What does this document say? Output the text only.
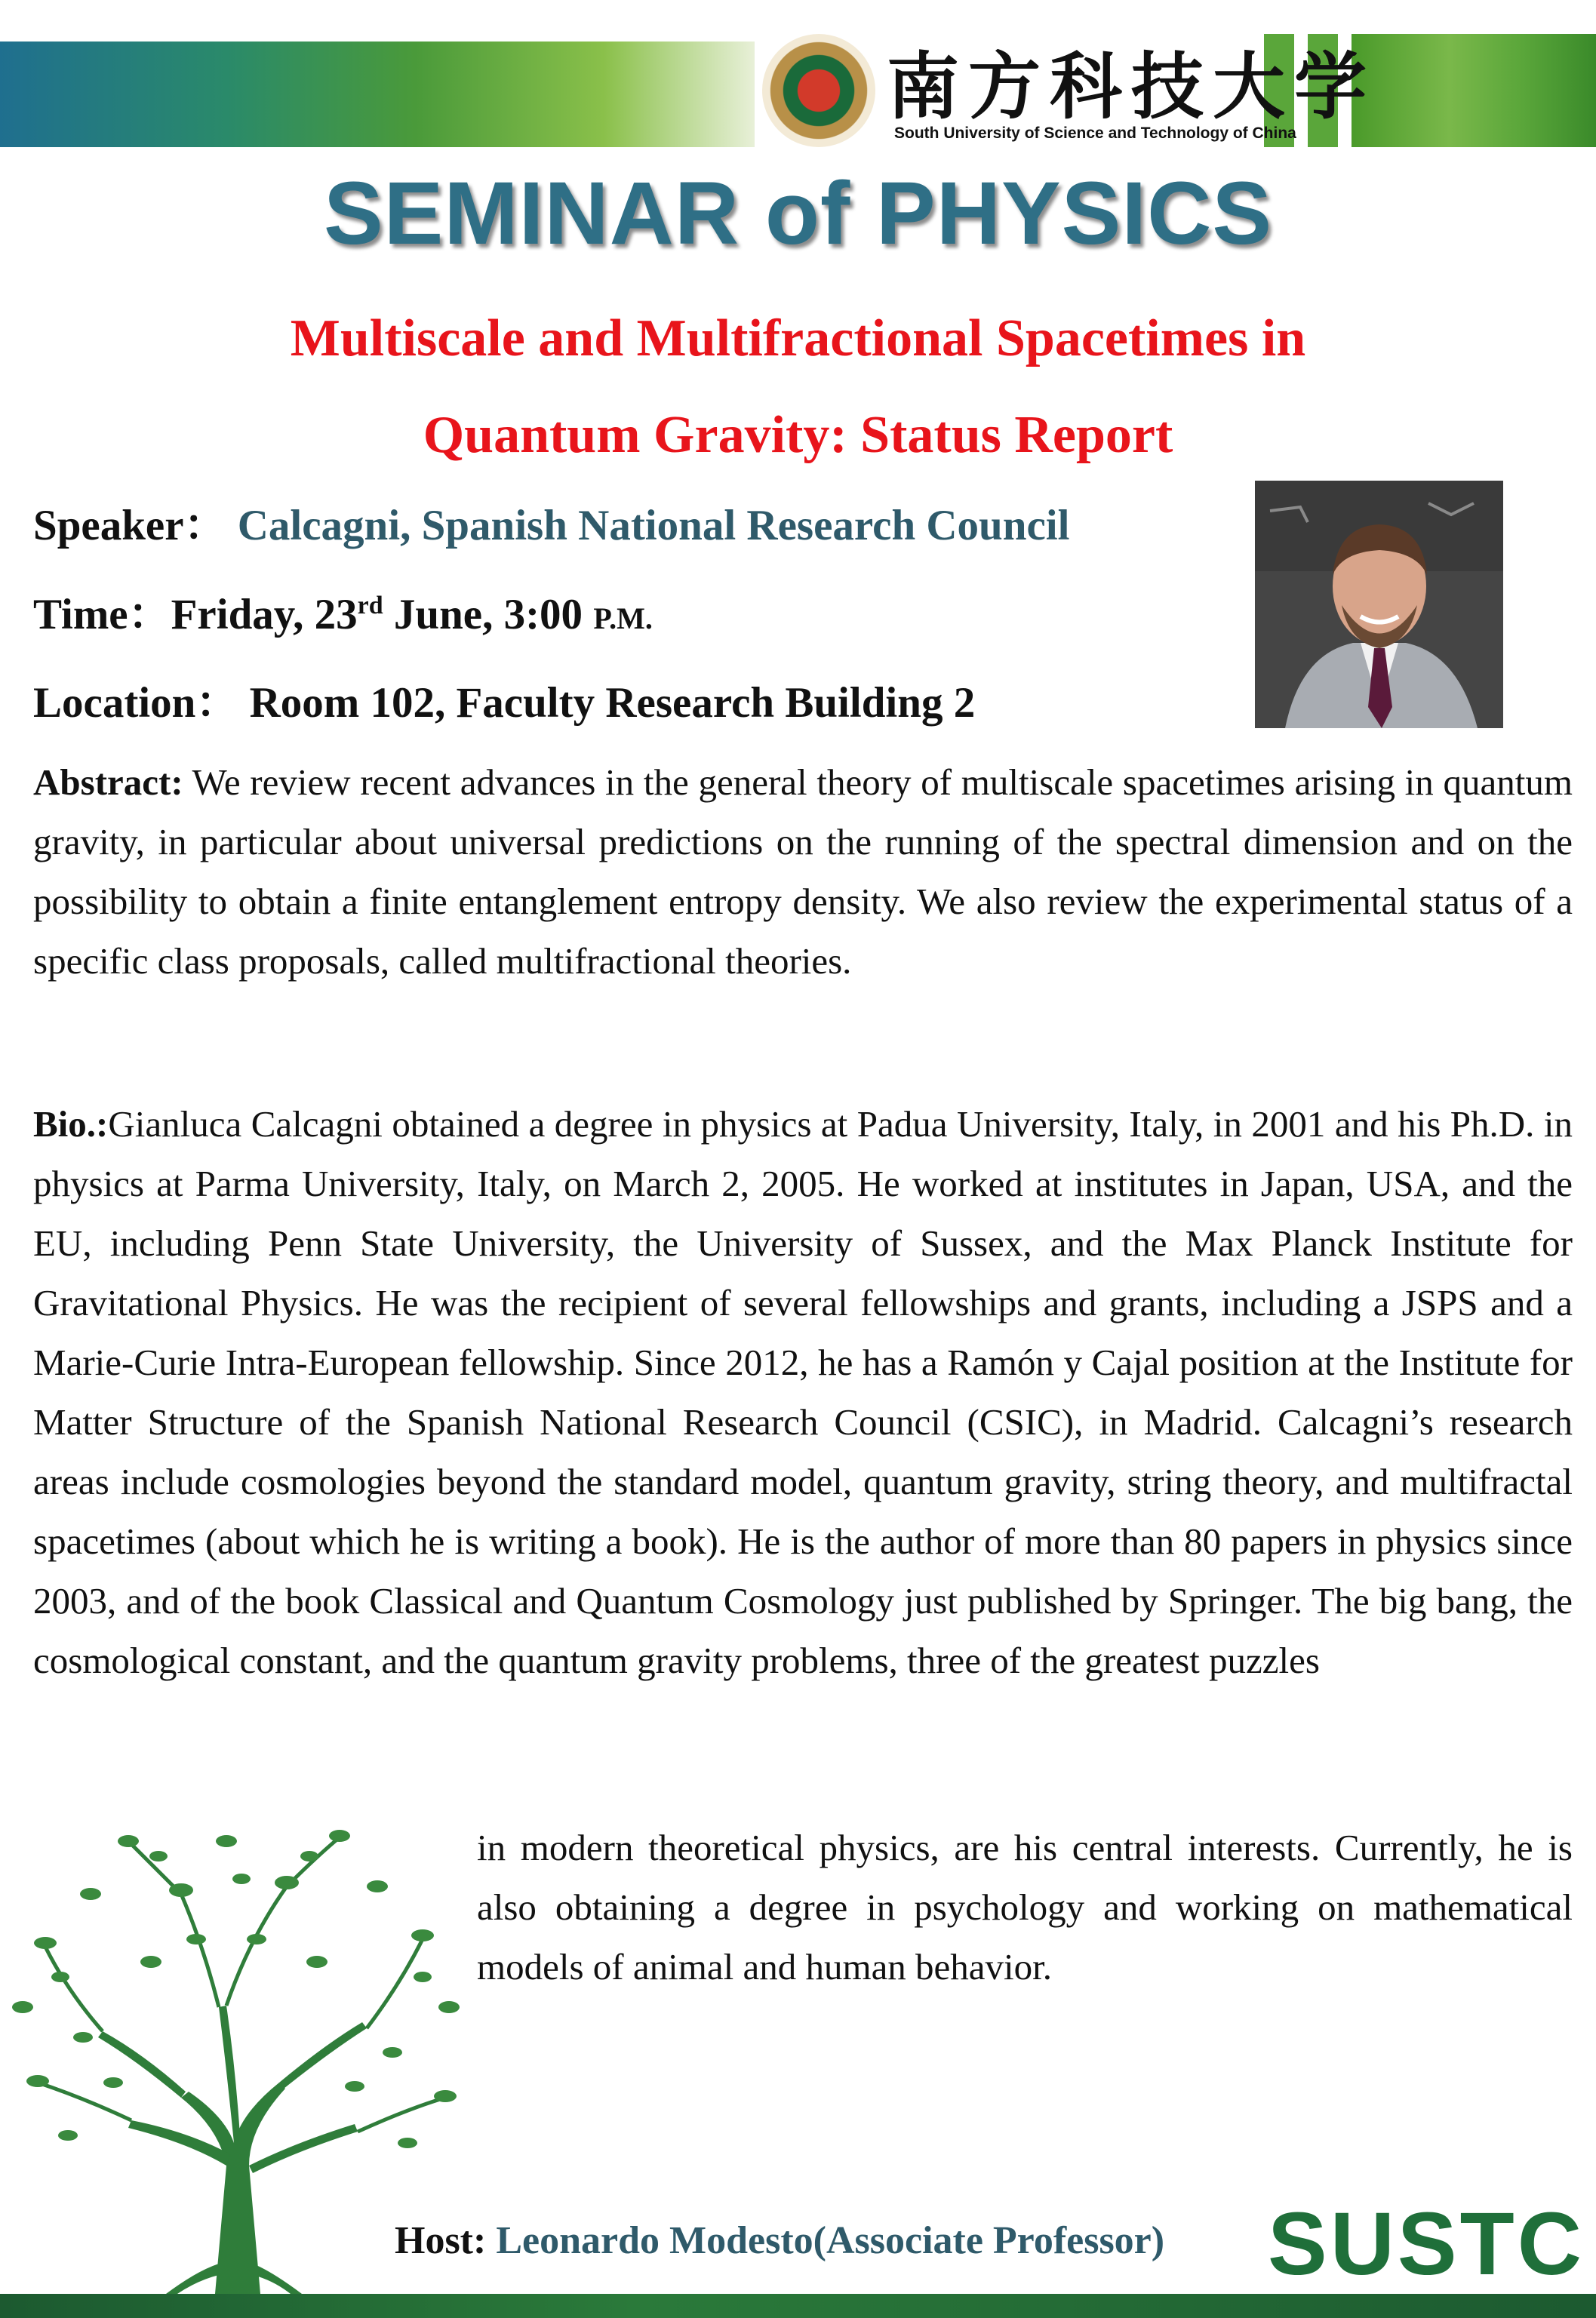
南方科技大学
South University of Science and Technology of China
SEMINAR of PHYSICS
Multiscale and Multifractional Spacetimes in
Quantum Gravity: Status Report
Speaker： Calcagni, Spanish National Research Council
Time：Friday, 23rd June, 3:00 P.M.
Location： Room 102, Faculty Research Building 2
Abstract: We review recent advances in the general theory of multiscale spacetimes arising in quantum gravity, in particular about universal predictions on the running of the spectral dimension and on the possibility to obtain a finite entanglement entropy density. We also review the experimental status of a specific class proposals, called multifractional theories.
Bio.:Gianluca Calcagni obtained a degree in physics at Padua University, Italy, in 2001 and his Ph.D. in physics at Parma University, Italy, on March 2, 2005. He worked at institutes in Japan, USA, and the EU, including Penn State University, the University of Sussex, and the Max Planck Institute for Gravitational Physics. He was the recipient of several fellowships and grants, including a JSPS and a Marie-Curie Intra-European fellowship. Since 2012, he has a Ramón y Cajal position at the Institute for Matter Structure of the Spanish National Research Council (CSIC), in Madrid. Calcagni’s research areas include cosmologies beyond the standard model, quantum gravity, string theory, and multifractal spacetimes (about which he is writing a book). He is the author of more than 80 papers in physics since 2003, and of the book Classical and Quantum Cosmology just published by Springer. The big bang, the cosmological constant, and the quantum gravity problems, three of the greatest puzzles
in modern theoretical physics, are his central interests. Currently, he is also obtaining a degree in psychology and working on mathematical models of animal and human behavior.
Host: Leonardo Modesto(Associate Professor) SUSTC
